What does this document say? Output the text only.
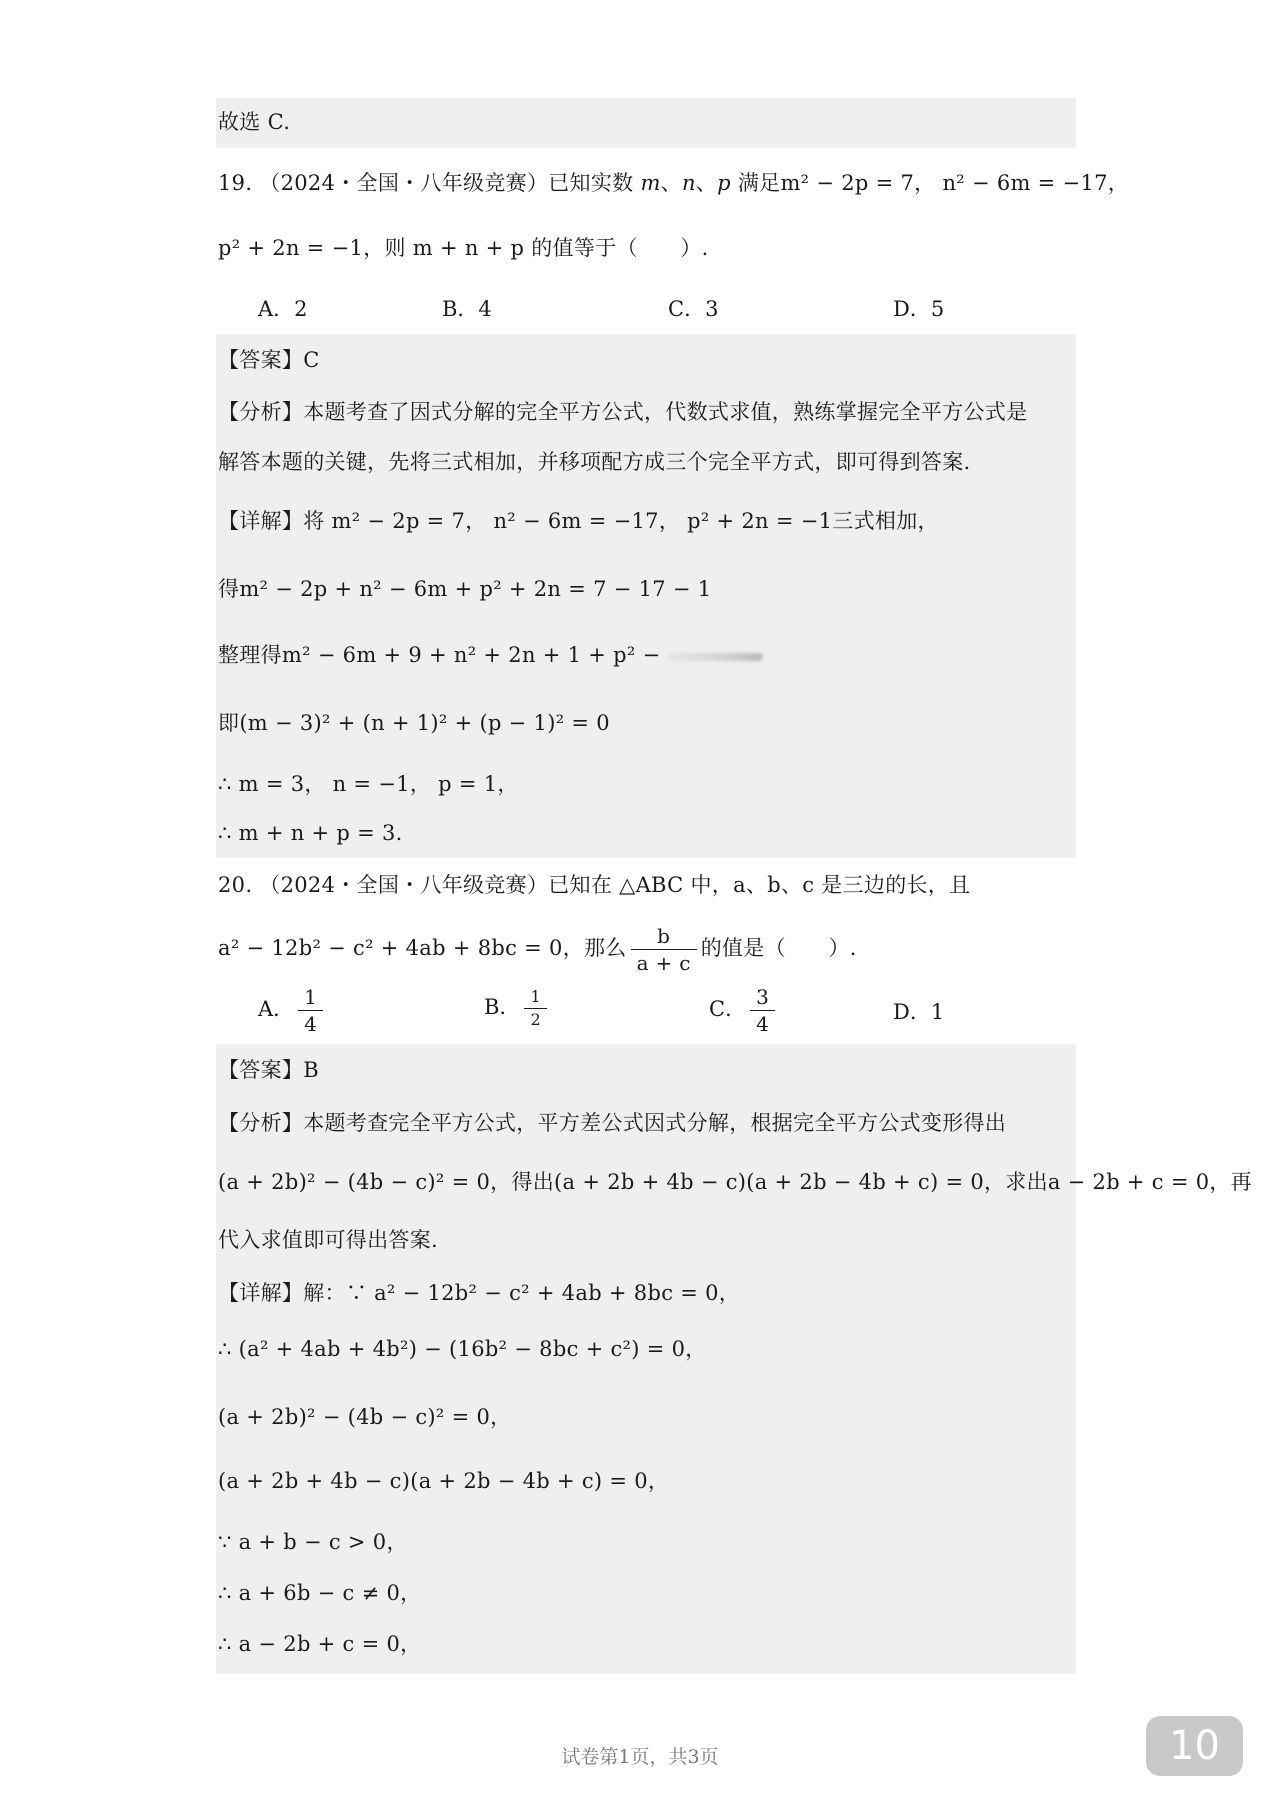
故选 C.
19. （2024・全国・八年级竞赛）已知实数 m、n、p 满足m² − 2p = 7， n² − 6m = −17，
p² + 2n = −1，则 m + n + p 的值等于（　　）.
A．2	B．4	C．3	D．5
【答案】C
【分析】本题考查了因式分解的完全平方公式，代数式求值，熟练掌握完全平方公式是
解答本题的关键，先将三式相加，并移项配方成三个完全平方式，即可得到答案.
【详解】将 m² − 2p = 7， n² − 6m = −17， p² + 2n = −1三式相加，
得m² − 2p + n² − 6m + p² + 2n = 7 − 17 − 1
整理得m² − 6m + 9 + n² + 2n + 1 + p² −
即(m − 3)² + (n + 1)² + (p − 1)² = 0
∴ m = 3， n = −1， p = 1，
∴ m + n + p = 3.
20. （2024・全国・八年级竞赛）已知在 △ABC 中，a、b、c 是三边的长，且
a² − 12b² − c² + 4ab + 8bc = 0，那么 $\frac{b}{a + c}$ 的值是（　　）.
A． $\frac{1}{4}$	B． $\frac{1}{2}$	C． $\frac{3}{4}$	D．1
【答案】B
【分析】本题考查完全平方公式，平方差公式因式分解，根据完全平方公式变形得出
(a + 2b)² − (4b − c)² = 0，得出(a + 2b + 4b − c)(a + 2b − 4b + c) = 0，求出a − 2b + c = 0，再
代入求值即可得出答案.
【详解】解：∵ a² − 12b² − c² + 4ab + 8bc = 0，
∴ (a² + 4ab + 4b²) − (16b² − 8bc + c²) = 0，
(a + 2b)² − (4b − c)² = 0，
(a + 2b + 4b − c)(a + 2b − 4b + c) = 0，
∵ a + b − c > 0，
∴ a + 6b − c ≠ 0，
∴ a − 2b + c = 0，
试卷第1页，共3页	10
